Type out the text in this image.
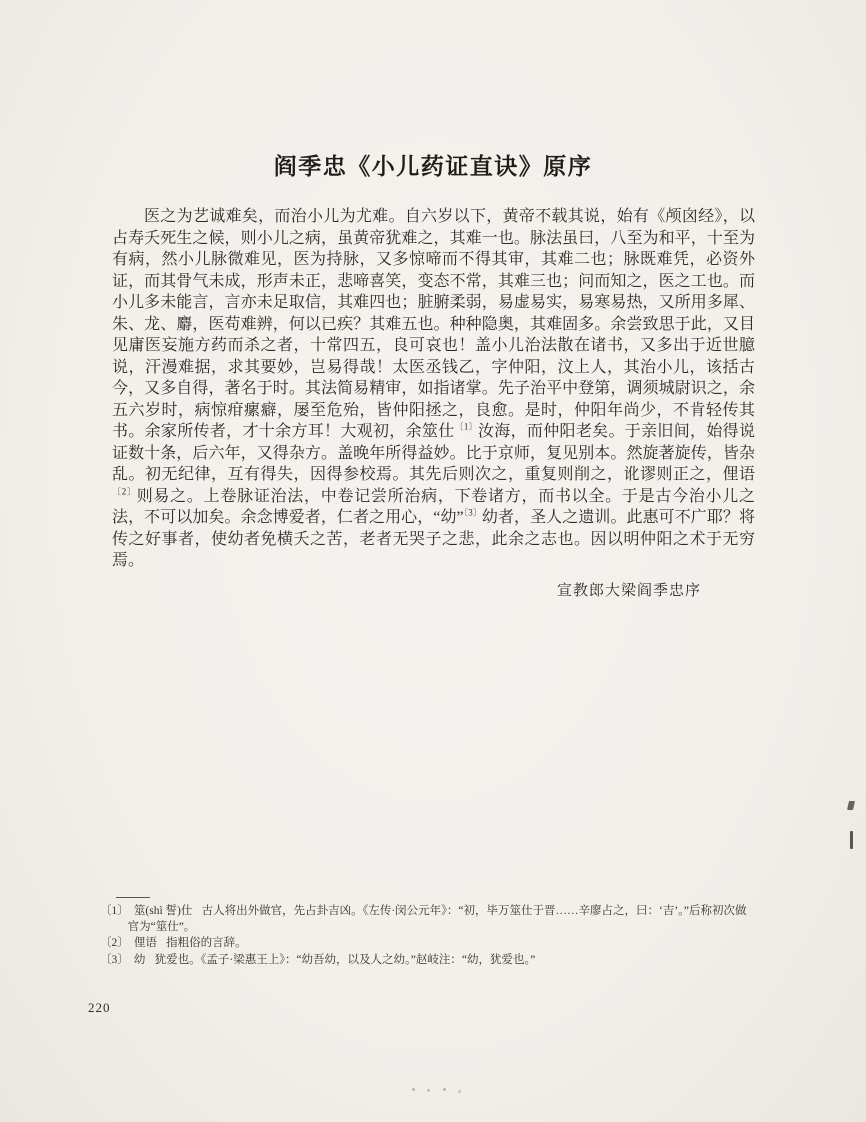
阎季忠《小儿药证直诀》原序

医之为艺诚难矣，而治小儿为尤难。自六岁以下，黄帝不载其说，始有《颅囟经》，以占寿夭死生之候，则小儿之病，虽黄帝犹难之，其难一也。脉法虽曰，八至为和平，十至为有病，然小儿脉微难见，医为持脉，又多惊啼而不得其审，其难二也；脉既难凭，必资外证，而其骨气未成，形声未正，悲啼喜笑，变态不常，其难三也；问而知之，医之工也。而小儿多未能言，言亦未足取信，其难四也；脏腑柔弱，易虚易实，易寒易热，又所用多犀、朱、龙、麝，医苟难辨，何以已疾？其难五也。种种隐奥，其难固多。余尝致思于此，又目见庸医妄施方药而杀之者，十常四五，良可哀也！盖小儿治法散在诸书，又多出于近世臆说，汗漫难据，求其要妙，岂易得哉！太医丞钱乙，字仲阳，汶上人，其治小儿，该括古今，又多自得，著名于时。其法简易精审，如指诸掌。先子治平中登第，调须城尉识之，余五六岁时，病惊疳瘰癖，屡至危殆，皆仲阳拯之，良愈。是时，仲阳年尚少，不肯轻传其书。余家所传者，才十余方耳！大观初，余筮仕$^{〔1〕}$汝海，而仲阳老矣。于亲旧间，始得说证数十条，后六年，又得杂方。盖晚年所得益妙。比于京师，复见别本。然旋著旋传，皆杂乱。初无纪律，互有得失，因得参校焉。其先后则次之，重复则削之，讹谬则正之，俚语$^{〔2〕}$则易之。上卷脉证治法，中卷记尝所治病，下卷诸方，而书以全。于是古今治小儿之法，不可以加矣。余念博爱者，仁者之用心，“幼”$^{〔3〕}$幼者，圣人之遗训。此惠可不广耶？将传之好事者，使幼者免横夭之苦，老者无哭子之悲，此余之志也。因以明仲阳之术于无穷焉。

宣教郎大梁阎季忠序
〔1〕 筮(shì 誓)仕 古人将出外做官，先占卦吉凶。《左传·闵公元年》：“初，毕万筮仕于晋……辛廖占之，曰：‘吉’。”后称初次做官为“筮仕”。
〔2〕 俚语 指粗俗的言辞。
〔3〕 幼 犹爱也。《孟子·梁惠王上》：“幼吾幼，以及人之幼。”赵岐注：“幼，犹爱也。”
220
